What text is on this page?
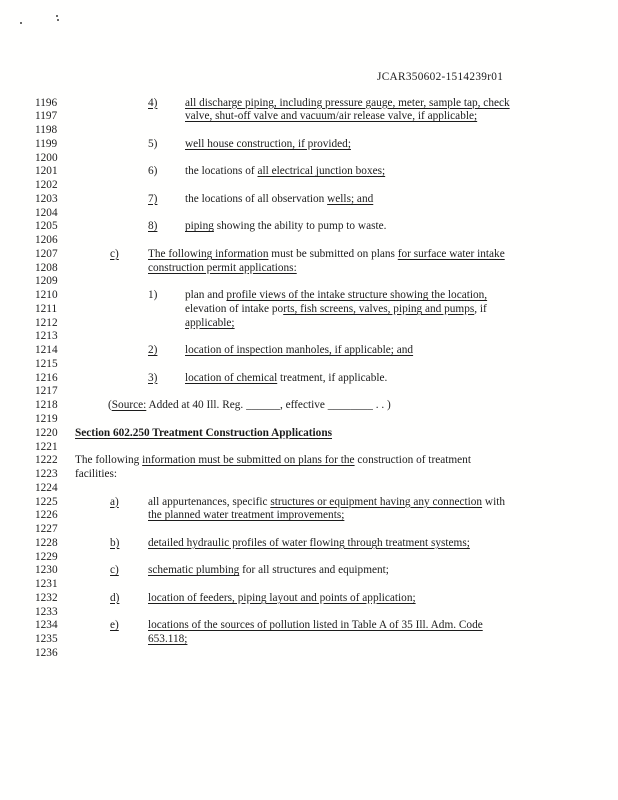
JCAR350602-1514239r01
1196	4) all discharge piping, including pressure gauge, meter, sample tap, check
1197	valve, shut-off valve and vacuum/air release valve, if applicable;
1198
1199	5) well house construction, if provided;
1200
1201	6) the locations of all electrical junction boxes;
1202
1203	7) the locations of all observation wells; and
1204
1205	8) piping showing the ability to pump to waste.
1206
1207	c)	The following information must be submitted on plans for surface water intake
1208	construction permit applications:
1209
1210	1) plan and profile views of the intake structure showing the location,
1211	elevation of intake ports, fish screens, valves, piping and pumps, if
1212	applicable;
1213
1214	2) location of inspection manholes, if applicable; and
1215
1216	3) location of chemical treatment, if applicable.
1217
1218	(Source: Added at 40 Ill. Reg. ______, effective ________ . . )
1219
1220 Section 602.250 Treatment Construction Applications
1221
1222 The following information must be submitted on plans for the construction of treatment
1223 facilities:
1224
1225	a)	all appurtenances, specific structures or equipment having any connection with
1226	the planned water treatment improvements;
1227
1228	b)	detailed hydraulic profiles of water flowing through treatment systems;
1229
1230	c)	schematic plumbing for all structures and equipment;
1231
1232	d)	location of feeders, piping layout and points of application;
1233
1234	e)	locations of the sources of pollution listed in Table A of 35 Ill. Adm. Code
1235	653.118;
1236
